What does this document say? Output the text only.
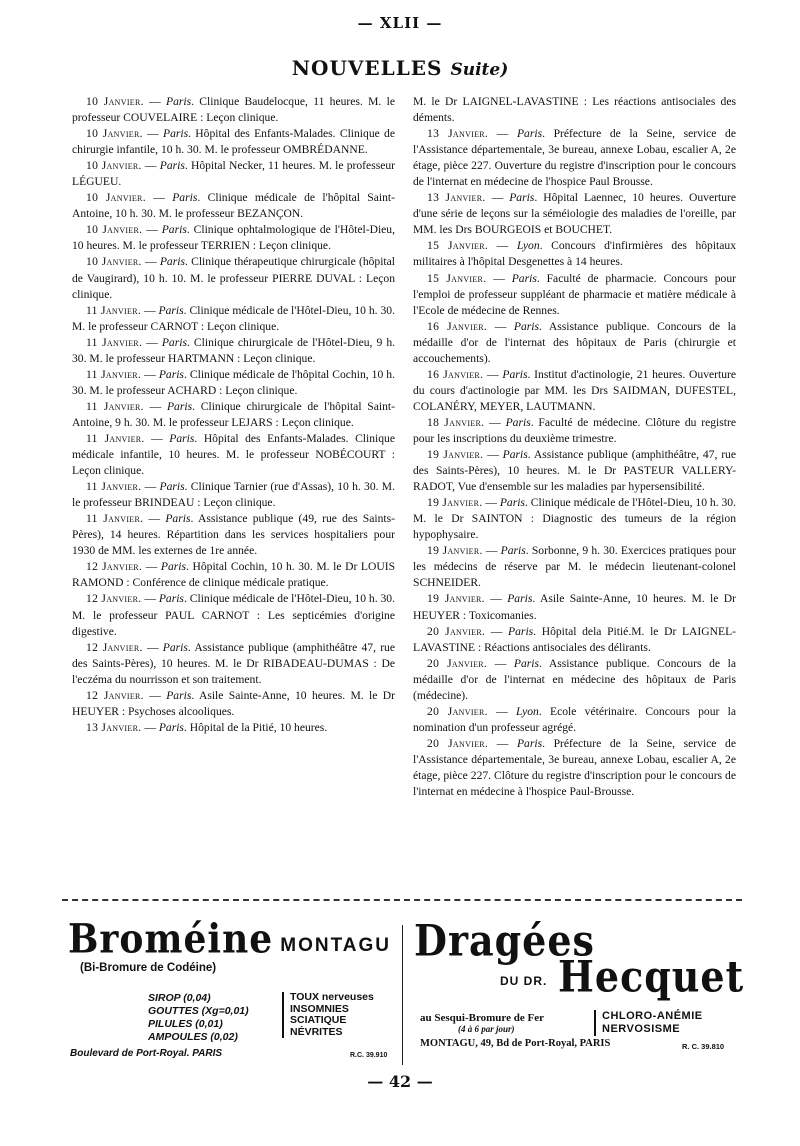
— XLII —
NOUVELLES Suite)

10 Janvier. — Paris. Clinique Baudelocque, 11 heures. M. le professeur COUVELAIRE : Leçon clinique.

10 Janvier. — Paris. Hôpital des Enfants-Malades. Clinique de chirurgie infantile, 10 h. 30. M. le professeur OMBRÉDANNE.

10 Janvier. — Paris. Hôpital Necker, 11 heures. M. le professeur LÉGUEU.

10 Janvier. — Paris. Clinique médicale de l'hôpital Saint-Antoine, 10 h. 30. M. le professeur BEZANÇON.

10 Janvier. — Paris. Clinique ophtalmologique de l'Hôtel-Dieu, 10 heures. M. le professeur TERRIEN : Leçon clinique.

10 Janvier. — Paris. Clinique thérapeutique chirurgicale (hôpital de Vaugirard), 10 h. 10. M. le professeur PIERRE DUVAL : Leçon clinique.

11 Janvier. — Paris. Clinique médicale de l'Hôtel-Dieu, 10 h. 30. M. le professeur CARNOT : Leçon clinique.

11 Janvier. — Paris. Clinique chirurgicale de l'Hôtel-Dieu, 9 h. 30. M. le professeur HARTMANN : Leçon clinique.

11 Janvier. — Paris. Clinique médicale de l'hôpital Cochin, 10 h. 30. M. le professeur ACHARD : Leçon clinique.

11 Janvier. — Paris. Clinique chirurgicale de l'hôpital Saint-Antoine, 9 h. 30. M. le professeur LEJARS : Leçon clinique.

11 Janvier. — Paris. Hôpital des Enfants-Malades. Clinique médicale infantile, 10 heures. M. le professeur NOBÉCOURT : Leçon clinique.

11 Janvier. — Paris. Clinique Tarnier (rue d'Assas), 10 h. 30. M. le professeur BRINDEAU : Leçon clinique.

11 Janvier. — Paris. Assistance publique (49, rue des Saints-Pères), 14 heures. Répartition dans les services hospitaliers pour 1930 de MM. les externes de 1re année.

12 Janvier. — Paris. Hôpital Cochin, 10 h. 30. M. le Dr LOUIS RAMOND : Conférence de clinique médicale pratique.

12 Janvier. — Paris. Clinique médicale de l'Hôtel-Dieu, 10 h. 30. M. le professeur PAUL CARNOT : Les septicémies d'origine digestive.

12 Janvier. — Paris. Assistance publique (amphithéâtre 47, rue des Saints-Pères), 10 heures. M. le Dr RIBADEAU-DUMAS : De l'eczéma du nourrisson et son traitement.

12 Janvier. — Paris. Asile Sainte-Anne, 10 heures. M. le Dr HEUYER : Psychoses alcooliques.

13 Janvier. — Paris. Hôpital de la Pitié, 10 heures.

M. le Dr LAIGNEL-LAVASTINE : Les réactions antisociales des déments.

13 Janvier. — Paris. Préfecture de la Seine, service de l'Assistance départementale, 3e bureau, annexe Lobau, escalier A, 2e étage, pièce 227. Ouverture du registre d'inscription pour le concours de l'internat en médecine de l'hospice Paul Brousse.

13 Janvier. — Paris. Hôpital Laennec, 10 heures. Ouverture d'une série de leçons sur la séméiologie des maladies de l'oreille, par MM. les Drs BOURGEOIS et BOUCHET.

15 Janvier. — Lyon. Concours d'infirmières des hôpitaux militaires à l'hôpital Desgenettes à 14 heures.

15 Janvier. — Paris. Faculté de pharmacie. Concours pour l'emploi de professeur suppléant de pharmacie et matière médicale à l'Ecole de médecine de Rennes.

16 Janvier. — Paris. Assistance publique. Concours de la médaille d'or de l'internat des hôpitaux de Paris (chirurgie et accouchements).

16 Janvier. — Paris. Institut d'actinologie, 21 heures. Ouverture du cours d'actinologie par MM. les Drs SAIDMAN, DUFESTEL, COLANÉRY, MEYER, LAUTMANN.

18 Janvier. — Paris. Faculté de médecine. Clôture du registre pour les inscriptions du deuxième trimestre.

19 Janvier. — Paris. Assistance publique (amphithéâtre, 47, rue des Saints-Pères), 10 heures. M. le Dr PASTEUR VALLERY-RADOT, Vue d'ensemble sur les maladies par hypersensibilité.

19 Janvier. — Paris. Clinique médicale de l'Hôtel-Dieu, 10 h. 30. M. le Dr SAINTON : Diagnostic des tumeurs de la région hypophysaire.

19 Janvier. — Paris. Sorbonne, 9 h. 30. Exercices pratiques pour les médecins de réserve par M. le médecin lieutenant-colonel SCHNEIDER.

19 Janvier. — Paris. Asile Sainte-Anne, 10 heures. M. le Dr HEUYER : Toxicomanies.

20 Janvier. — Paris. Hôpital dela Pitié.M. le Dr LAIGNEL-LAVASTINE : Réactions antisociales des délirants.

20 Janvier. — Paris. Assistance publique. Concours de la médaille d'or de l'internat en médecine des hôpitaux de Paris (médecine).

20 Janvier. — Lyon. Ecole vétérinaire. Concours pour la nomination d'un professeur agrégé.

20 Janvier. — Paris. Préfecture de la Seine, service de l'Assistance départementale, 3e bureau, annexe Lobau, escalier A, 2e étage, pièce 227. Clôture du registre d'inscription pour le concours de l'internat en médecine à l'hospice Paul-Brousse.

Broméine MONTAGU
(Bi-Bromure de Codéine)
SIROP (0,04)
GOUTTES (Xg=0,01)
PILULES (0,01)
AMPOULES (0,02)
TOUX nerveuses
INSOMNIES
SCIATIQUE
NÉVRITES
Boulevard de Port-Royal. PARIS	R.C. 39.910
Dragées
DU DR. Hecquet
au Sesqui-Bromure de Fer
(4 à 6 par jour)
CHLORO-ANÉMIE
NERVOSISME
MONTAGU, 49, Bd de Port-Royal, PARIS	R. C. 39.810
— 42 —
